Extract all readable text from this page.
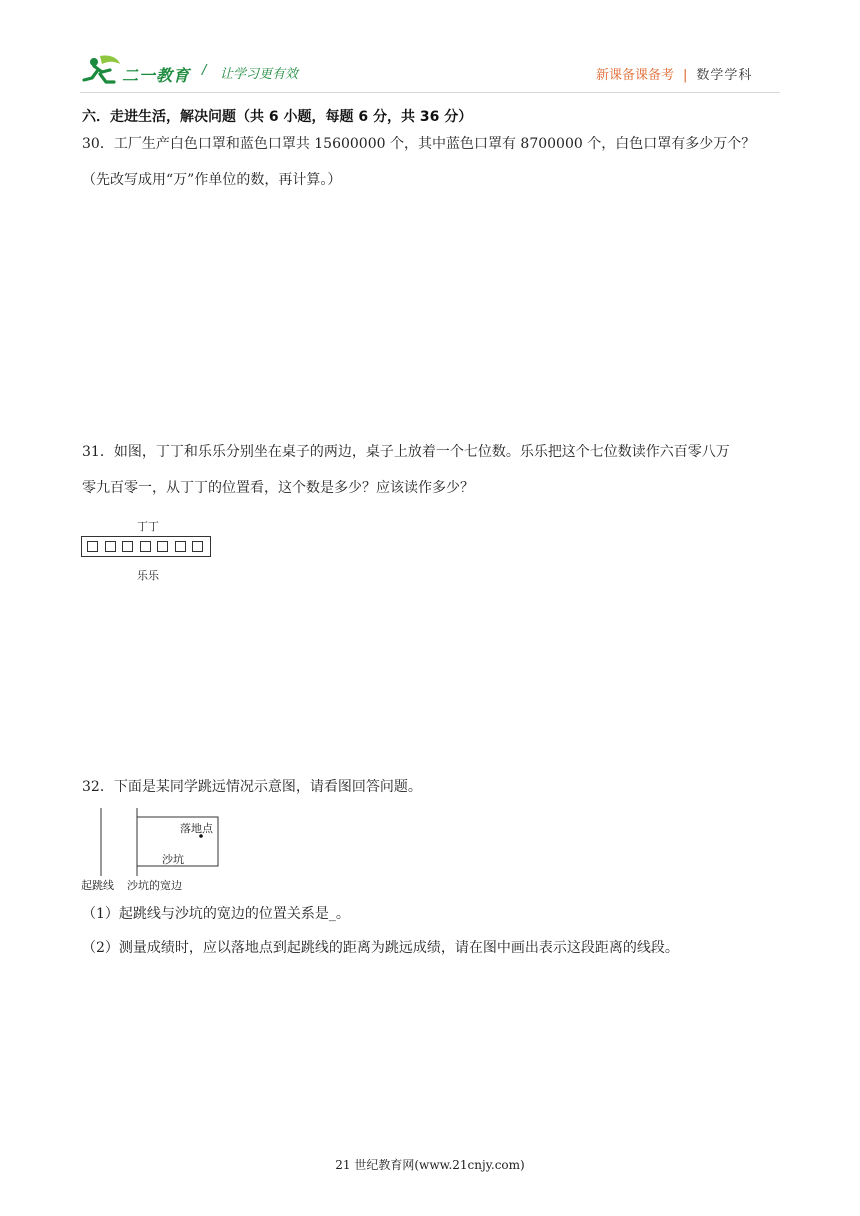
二一教育 / 让学习更有效	新课备课备考 | 数学学科
六．走进生活，解决问题（共 6 小题，每题 6 分，共 36 分）
30．工厂生产白色口罩和蓝色口罩共 15600000 个，其中蓝色口罩有 8700000 个，白色口罩有多少万个？
（先改写成用“万”作单位的数，再计算。）
31．如图，丁丁和乐乐分别坐在桌子的两边，桌子上放着一个七位数。乐乐把这个七位数读作六百零八万
零九百零一，从丁丁的位置看，这个数是多少？应该读作多少？
丁丁
乐乐
32．下面是某同学跳远情况示意图，请看图回答问题。
落地点
沙坑
起跳线 沙坑的宽边
（1）起跳线与沙坑的宽边的位置关系是_。
（2）测量成绩时，应以落地点到起跳线的距离为跳远成绩，请在图中画出表示这段距离的线段。
21 世纪教育网(www.21cnjy.com)
